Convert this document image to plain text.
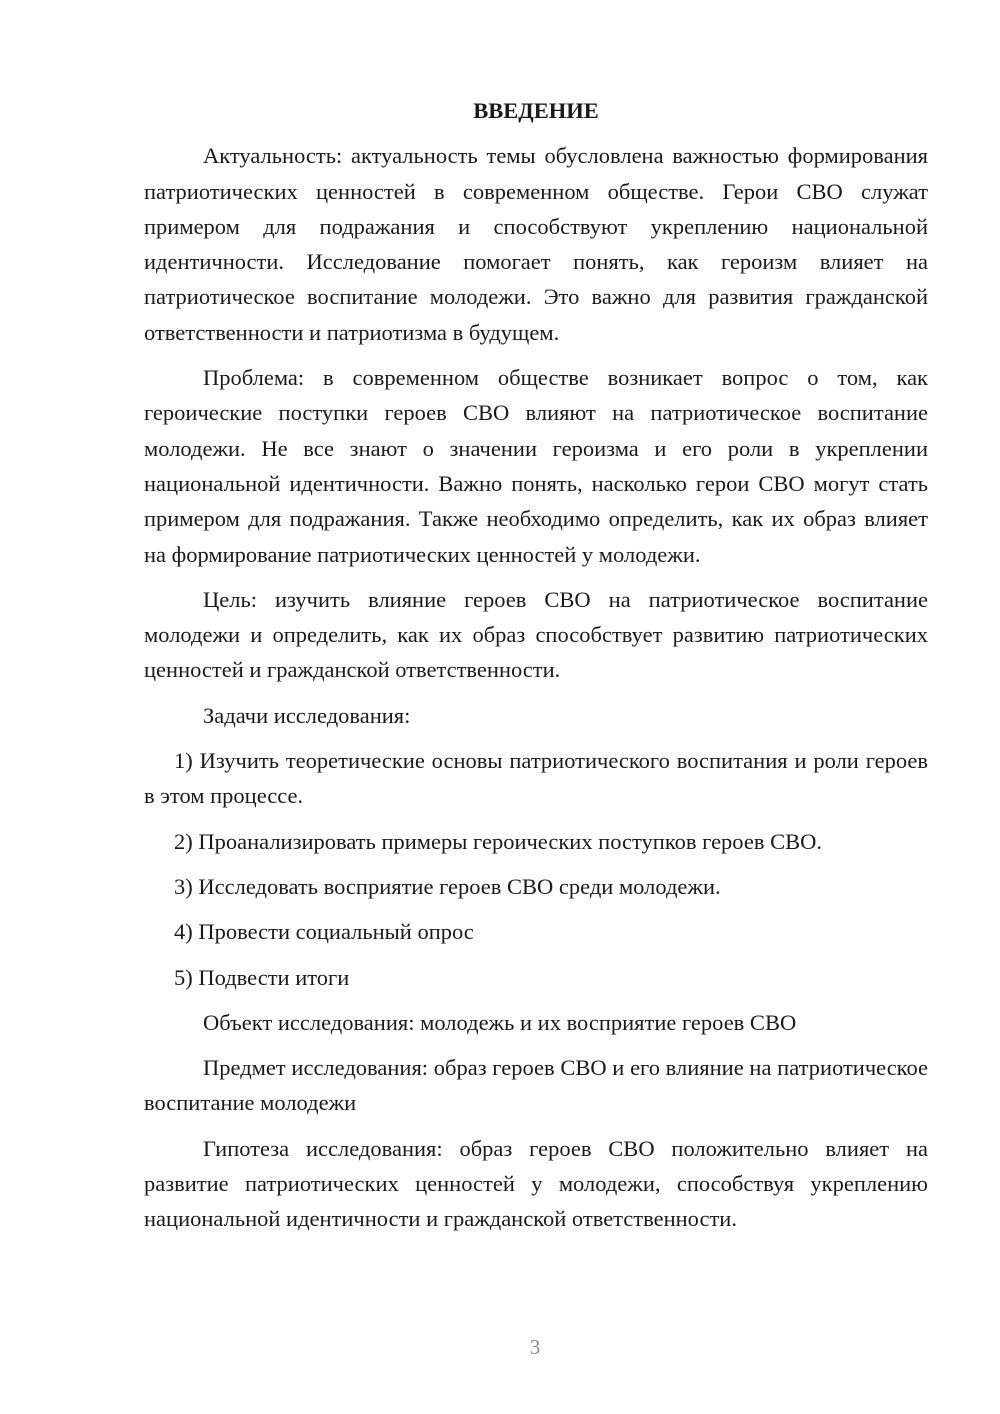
ВВЕДЕНИЕ

Актуальность: актуальность темы обусловлена важностью формирования патриотических ценностей в современном обществе. Герои СВО служат примером для подражания и способствуют укреплению национальной идентичности. Исследование помогает понять, как героизм влияет на патриотическое воспитание молодежи. Это важно для развития гражданской ответственности и патриотизма в будущем.

Проблема: в современном обществе возникает вопрос о том, как героические поступки героев СВО влияют на патриотическое воспитание молодежи. Не все знают о значении героизма и его роли в укреплении национальной идентичности. Важно понять, насколько герои СВО могут стать примером для подражания. Также необходимо определить, как их образ влияет на формирование патриотических ценностей у молодежи.

Цель: изучить влияние героев СВО на патриотическое воспитание молодежи и определить, как их образ способствует развитию патриотических ценностей и гражданской ответственности.

Задачи исследования:

1) Изучить теоретические основы патриотического воспитания и роли героев в этом процессе.

2) Проанализировать примеры героических поступков героев СВО.

3) Исследовать восприятие героев СВО среди молодежи.

4) Провести социальный опрос

5) Подвести итоги

Объект исследования: молодежь и их восприятие героев СВО

Предмет исследования: образ героев СВО и его влияние на патриотическое воспитание молодежи

Гипотеза исследования: образ героев СВО положительно влияет на развитие патриотических ценностей у молодежи, способствуя укреплению национальной идентичности и гражданской ответственности.

3
